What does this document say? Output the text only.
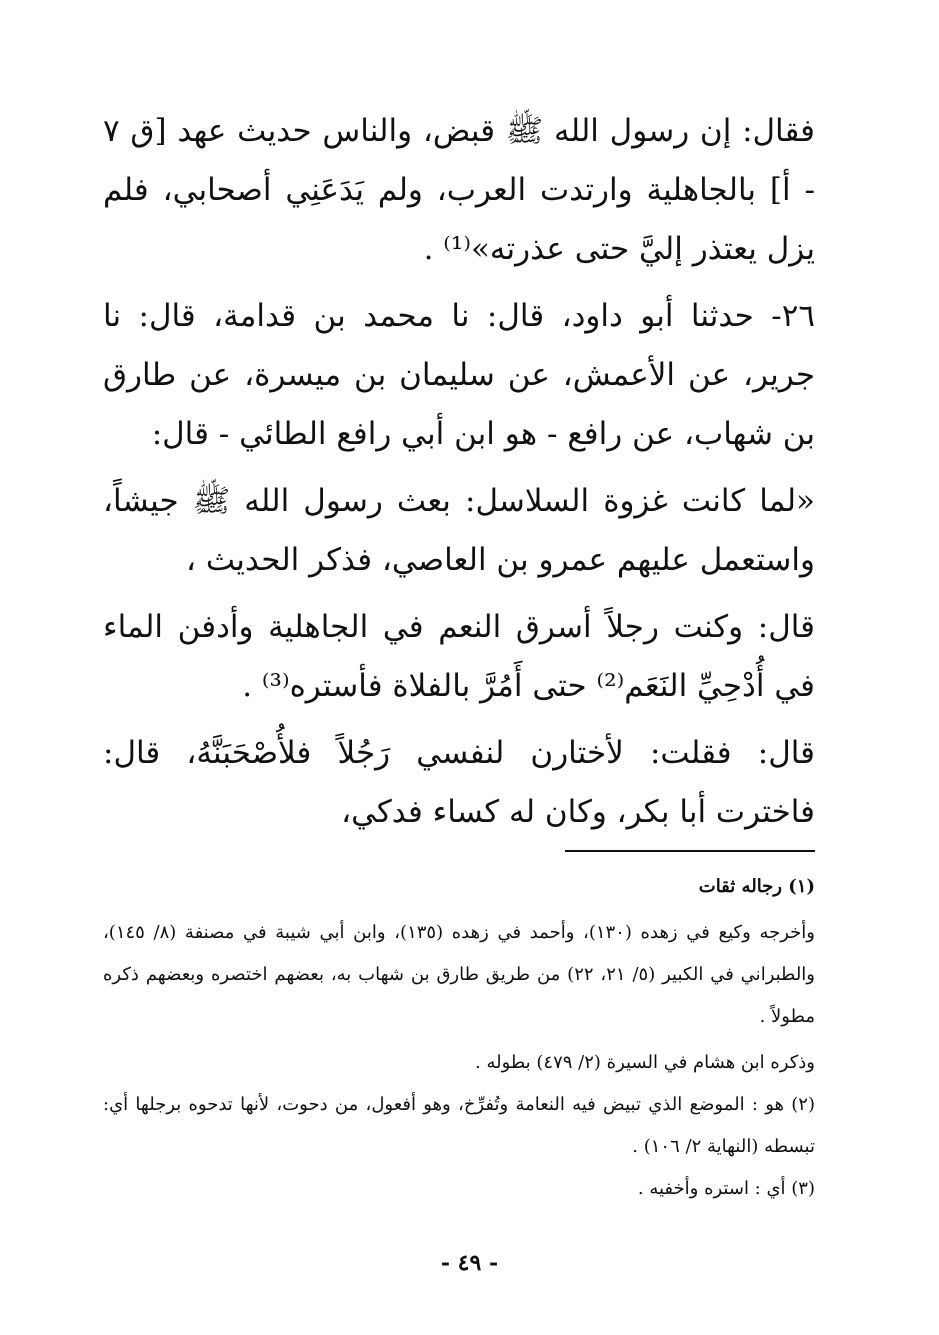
فقال: إن رسول الله ﷺ قبض، والناس حديث عهد [ق ٧ - أ] بالجاهلية وارتدت العرب، ولم يَدَعَنِي أصحابي، فلم يزل يعتذر إليَّ حتى عذرته»⁽¹⁾ .

٢٦- حدثنا أبو داود، قال: نا محمد بن قدامة، قال: نا جرير، عن الأعمش، عن سليمان بن ميسرة، عن طارق بن شهاب، عن رافع - هو ابن أبي رافع الطائي - قال:

«لما كانت غزوة السلاسل: بعث رسول الله ﷺ جيشاً، واستعمل عليهم عمرو بن العاصي، فذكر الحديث ،

قال: وكنت رجلاً أسرق النعم في الجاهلية وأدفن الماء في أُدْحِيِّ النَعَم⁽²⁾ حتى أَمُرَّ بالفلاة فأستره⁽³⁾ .

قال: فقلت: لأختارن لنفسي رَجُلاً فلأُصْحَبَنَّهُ، قال: فاخترت أبا بكر، وكان له كساء فدكي،

(١) رجاله ثقات

وأخرجه وكيع في زهده (١٣٠)، وأحمد في زهده (١٣٥)، وابن أبي شيبة في مصنفة (٨/ ١٤٥)، والطبراني في الكبير (٥/ ٢١، ٢٢) من طريق طارق بن شهاب به، بعضهم اختصره وبعضهم ذكره مطولاً .

وذكره ابن هشام في السيرة (٢/ ٤٧٩) بطوله .

(٢) هو : الموضع الذي تبيض فيه النعامة وتُفرِّخ، وهو أفعول، من دحوت، لأنها تدحوه برجلها أي: تبسطه (النهاية ٢/ ١٠٦) .

(٣) أي : استره وأخفيه .

- ٤٩ -
